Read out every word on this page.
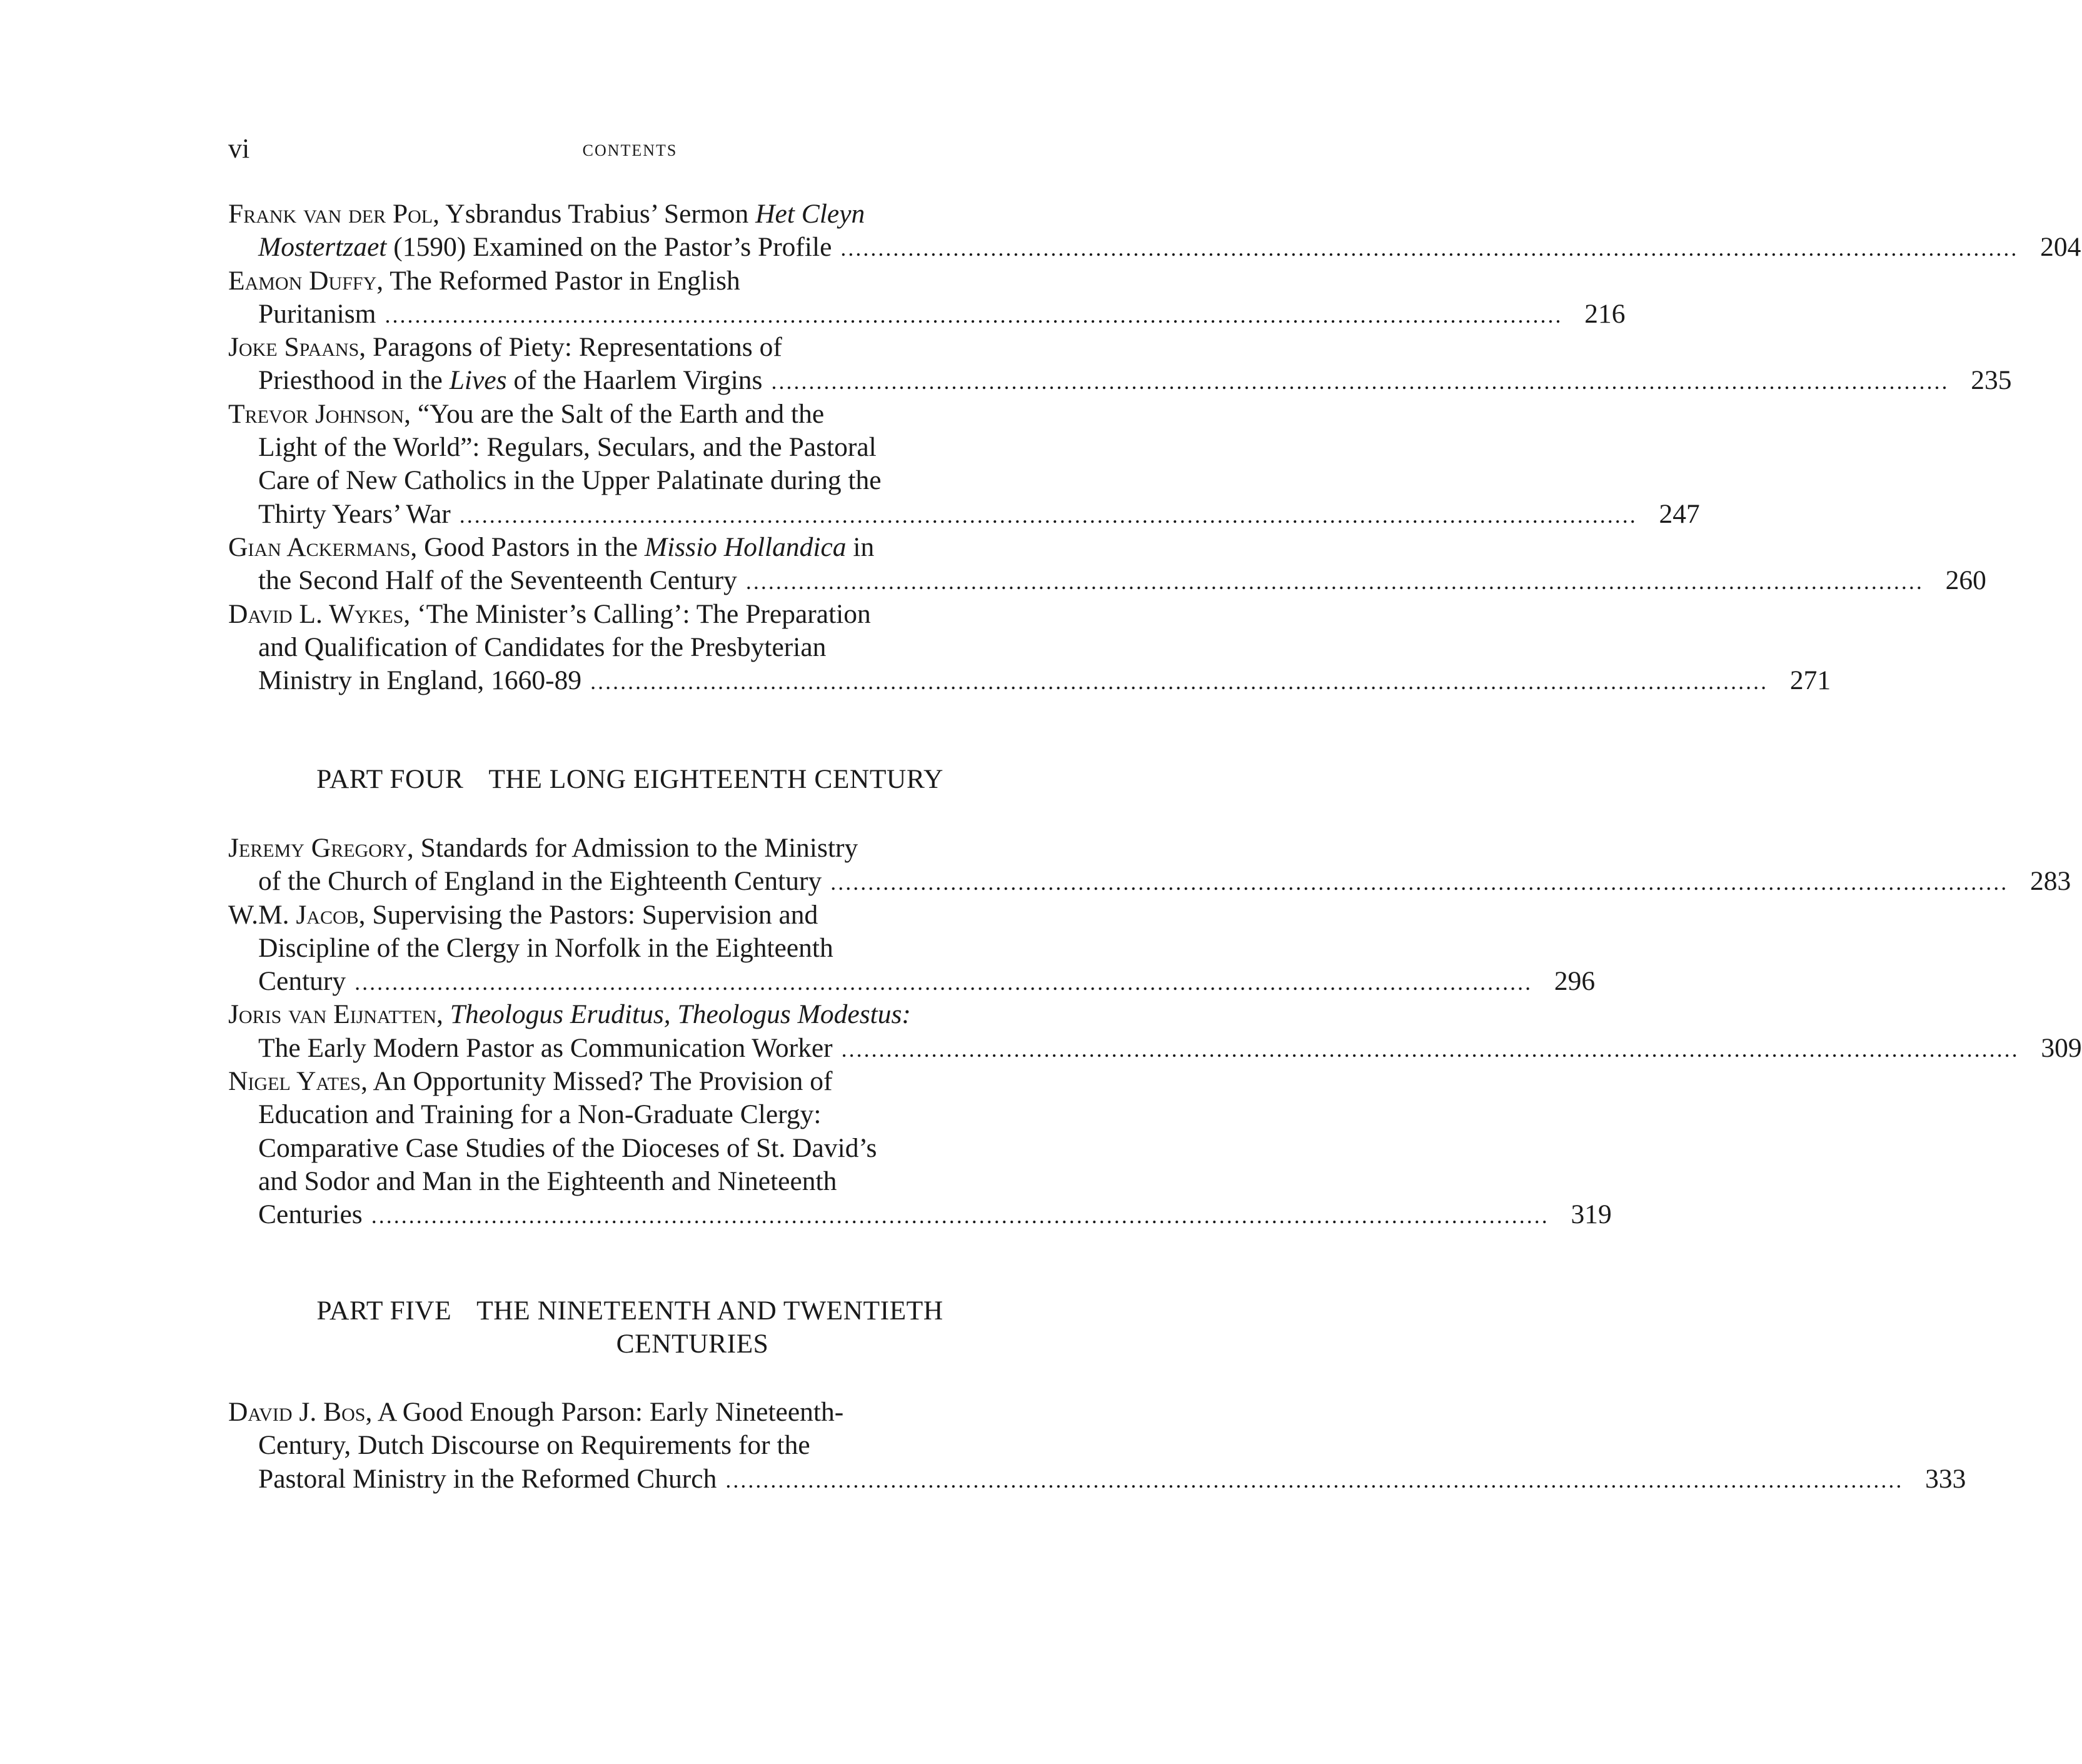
vi	CONTENTS
Frank van der Pol, Ysbrandus Trabius’ Sermon Het Cleyn
Mostertzaet (1590) Examined on the Pastor’s Profile ............................................................................................................................................................. 204
Eamon Duffy, The Reformed Pastor in English
Puritanism ............................................................................................................................................................. 216
Joke Spaans, Paragons of Piety: Representations of
Priesthood in the Lives of the Haarlem Virgins ............................................................................................................................................................. 235
Trevor Johnson, “You are the Salt of the Earth and the
Light of the World”: Regulars, Seculars, and the Pastoral
Care of New Catholics in the Upper Palatinate during the
Thirty Years’ War ............................................................................................................................................................. 247
Gian Ackermans, Good Pastors in the Missio Hollandica in
the Second Half of the Seventeenth Century ............................................................................................................................................................. 260
David L. Wykes, ‘The Minister’s Calling’: The Preparation
and Qualification of Candidates for the Presbyterian
Ministry in England, 1660-89 ............................................................................................................................................................. 271
PART FOUR THE LONG EIGHTEENTH CENTURY
Jeremy Gregory, Standards for Admission to the Ministry
of the Church of England in the Eighteenth Century ............................................................................................................................................................. 283
W.M. Jacob, Supervising the Pastors: Supervision and
Discipline of the Clergy in Norfolk in the Eighteenth
Century ............................................................................................................................................................. 296
Joris van Eijnatten, Theologus Eruditus, Theologus Modestus:
The Early Modern Pastor as Communication Worker ............................................................................................................................................................. 309
Nigel Yates, An Opportunity Missed? The Provision of
Education and Training for a Non-Graduate Clergy:
Comparative Case Studies of the Dioceses of St. David’s
and Sodor and Man in the Eighteenth and Nineteenth
Centuries ............................................................................................................................................................. 319
PART FIVE THE NINETEENTH AND TWENTIETH
CENTURIES
David J. Bos, A Good Enough Parson: Early Nineteenth-
Century, Dutch Discourse on Requirements for the
Pastoral Ministry in the Reformed Church ............................................................................................................................................................. 333
